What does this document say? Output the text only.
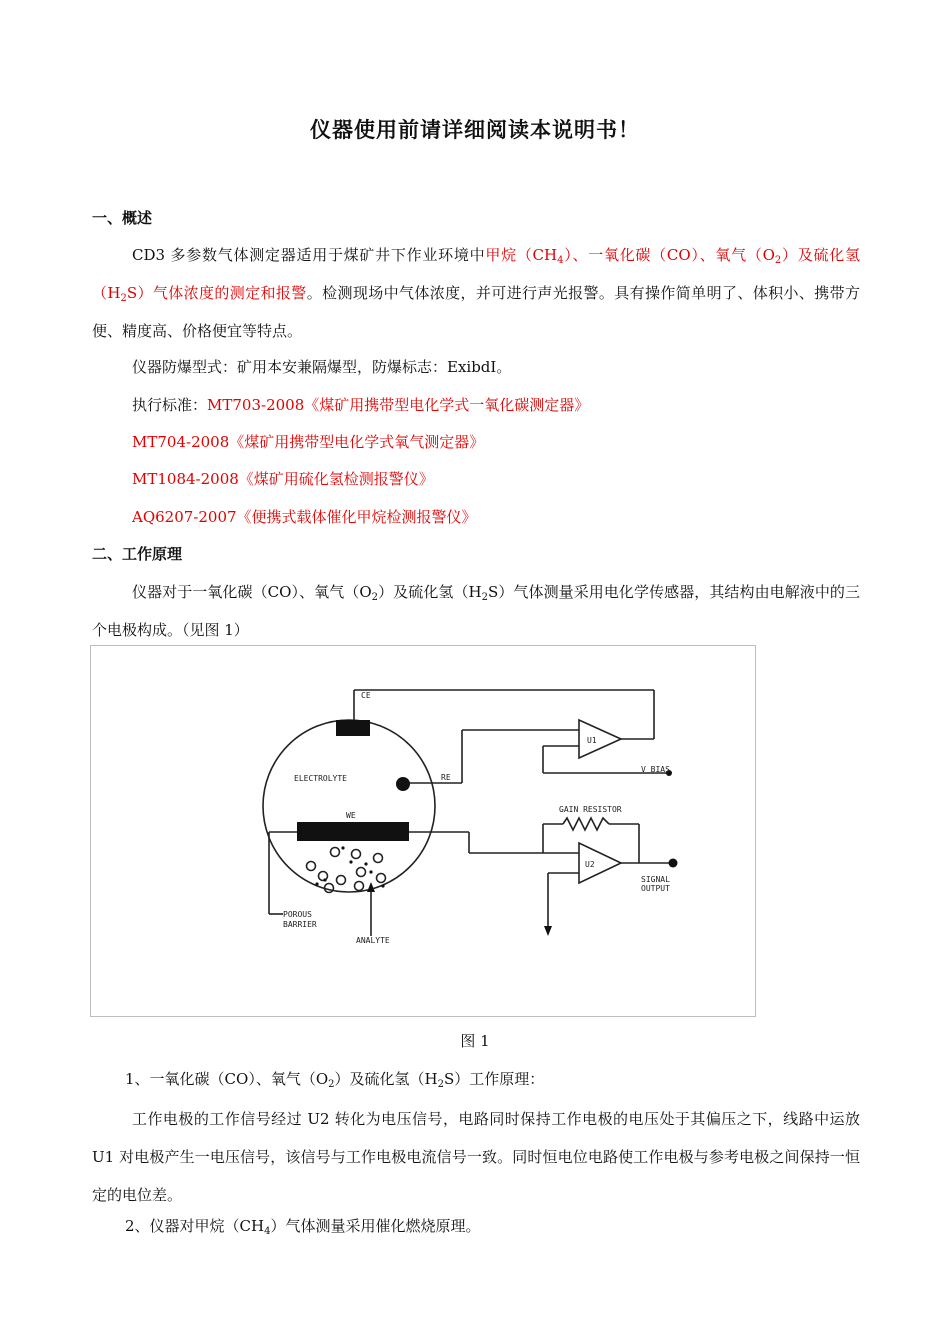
仪器使用前请详细阅读本说明书！
一、概述
CD3 多参数气体测定器适用于煤矿井下作业环境中甲烷$(CH_4)$、一氧化碳（CO）、氧气$(O_2)$及硫化氢$(H_2S)$气体浓度的测定和报警。检测现场中气体浓度，并可进行声光报警。具有操作简单明了、体积小、携带方便、精度高、价格便宜等特点。
仪器防爆型式：矿用本安兼隔爆型，防爆标志：ExibdI。
执行标准：MT703-2008《煤矿用携带型电化学式一氧化碳测定器》
MT704-2008《煤矿用携带型电化学式氧气测定器》
MT1084-2008《煤矿用硫化氢检测报警仪》
AQ6207-2007《便携式载体催化甲烷检测报警仪》
二、工作原理
仪器对于一氧化碳（CO）、氧气$(O_2)$及硫化氢$(H_2S)$气体测量采用电化学传感器，其结构由电解液中的三个电极构成。（见图 1）
CE
RE
WE
ELECTROLYTE
U1
U2
V BIAS
GAIN RESISTOR
SIGNAL
OUTPUT
POROUS
BARRIER
ANALYTE
图 1
1、一氧化碳（CO）、氧气$(O_2)$及硫化氢$(H_2S)$工作原理：
工作电极的工作信号经过 U2 转化为电压信号，电路同时保持工作电极的电压处于其偏压之下，线路中运放 U1 对电极产生一电压信号，该信号与工作电极电流信号一致。同时恒电位电路使工作电极与参考电极之间保持一恒定的电位差。
2、仪器对甲烷$(CH_4)$气体测量采用催化燃烧原理。
